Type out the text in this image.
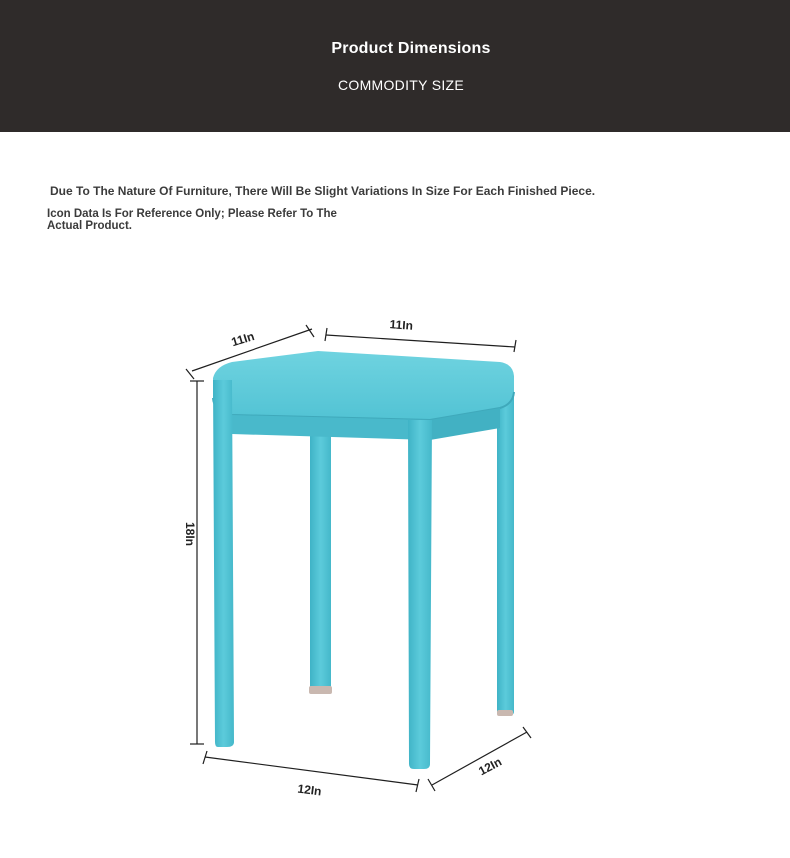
Product Dimensions
COMMODITY SIZE
Due To The Nature Of Furniture, There Will Be Slight Variations In Size For Each Finished Piece.
Icon Data Is For Reference Only; Please Refer To The Actual Product.
11In
11In
18In
12In
12In
